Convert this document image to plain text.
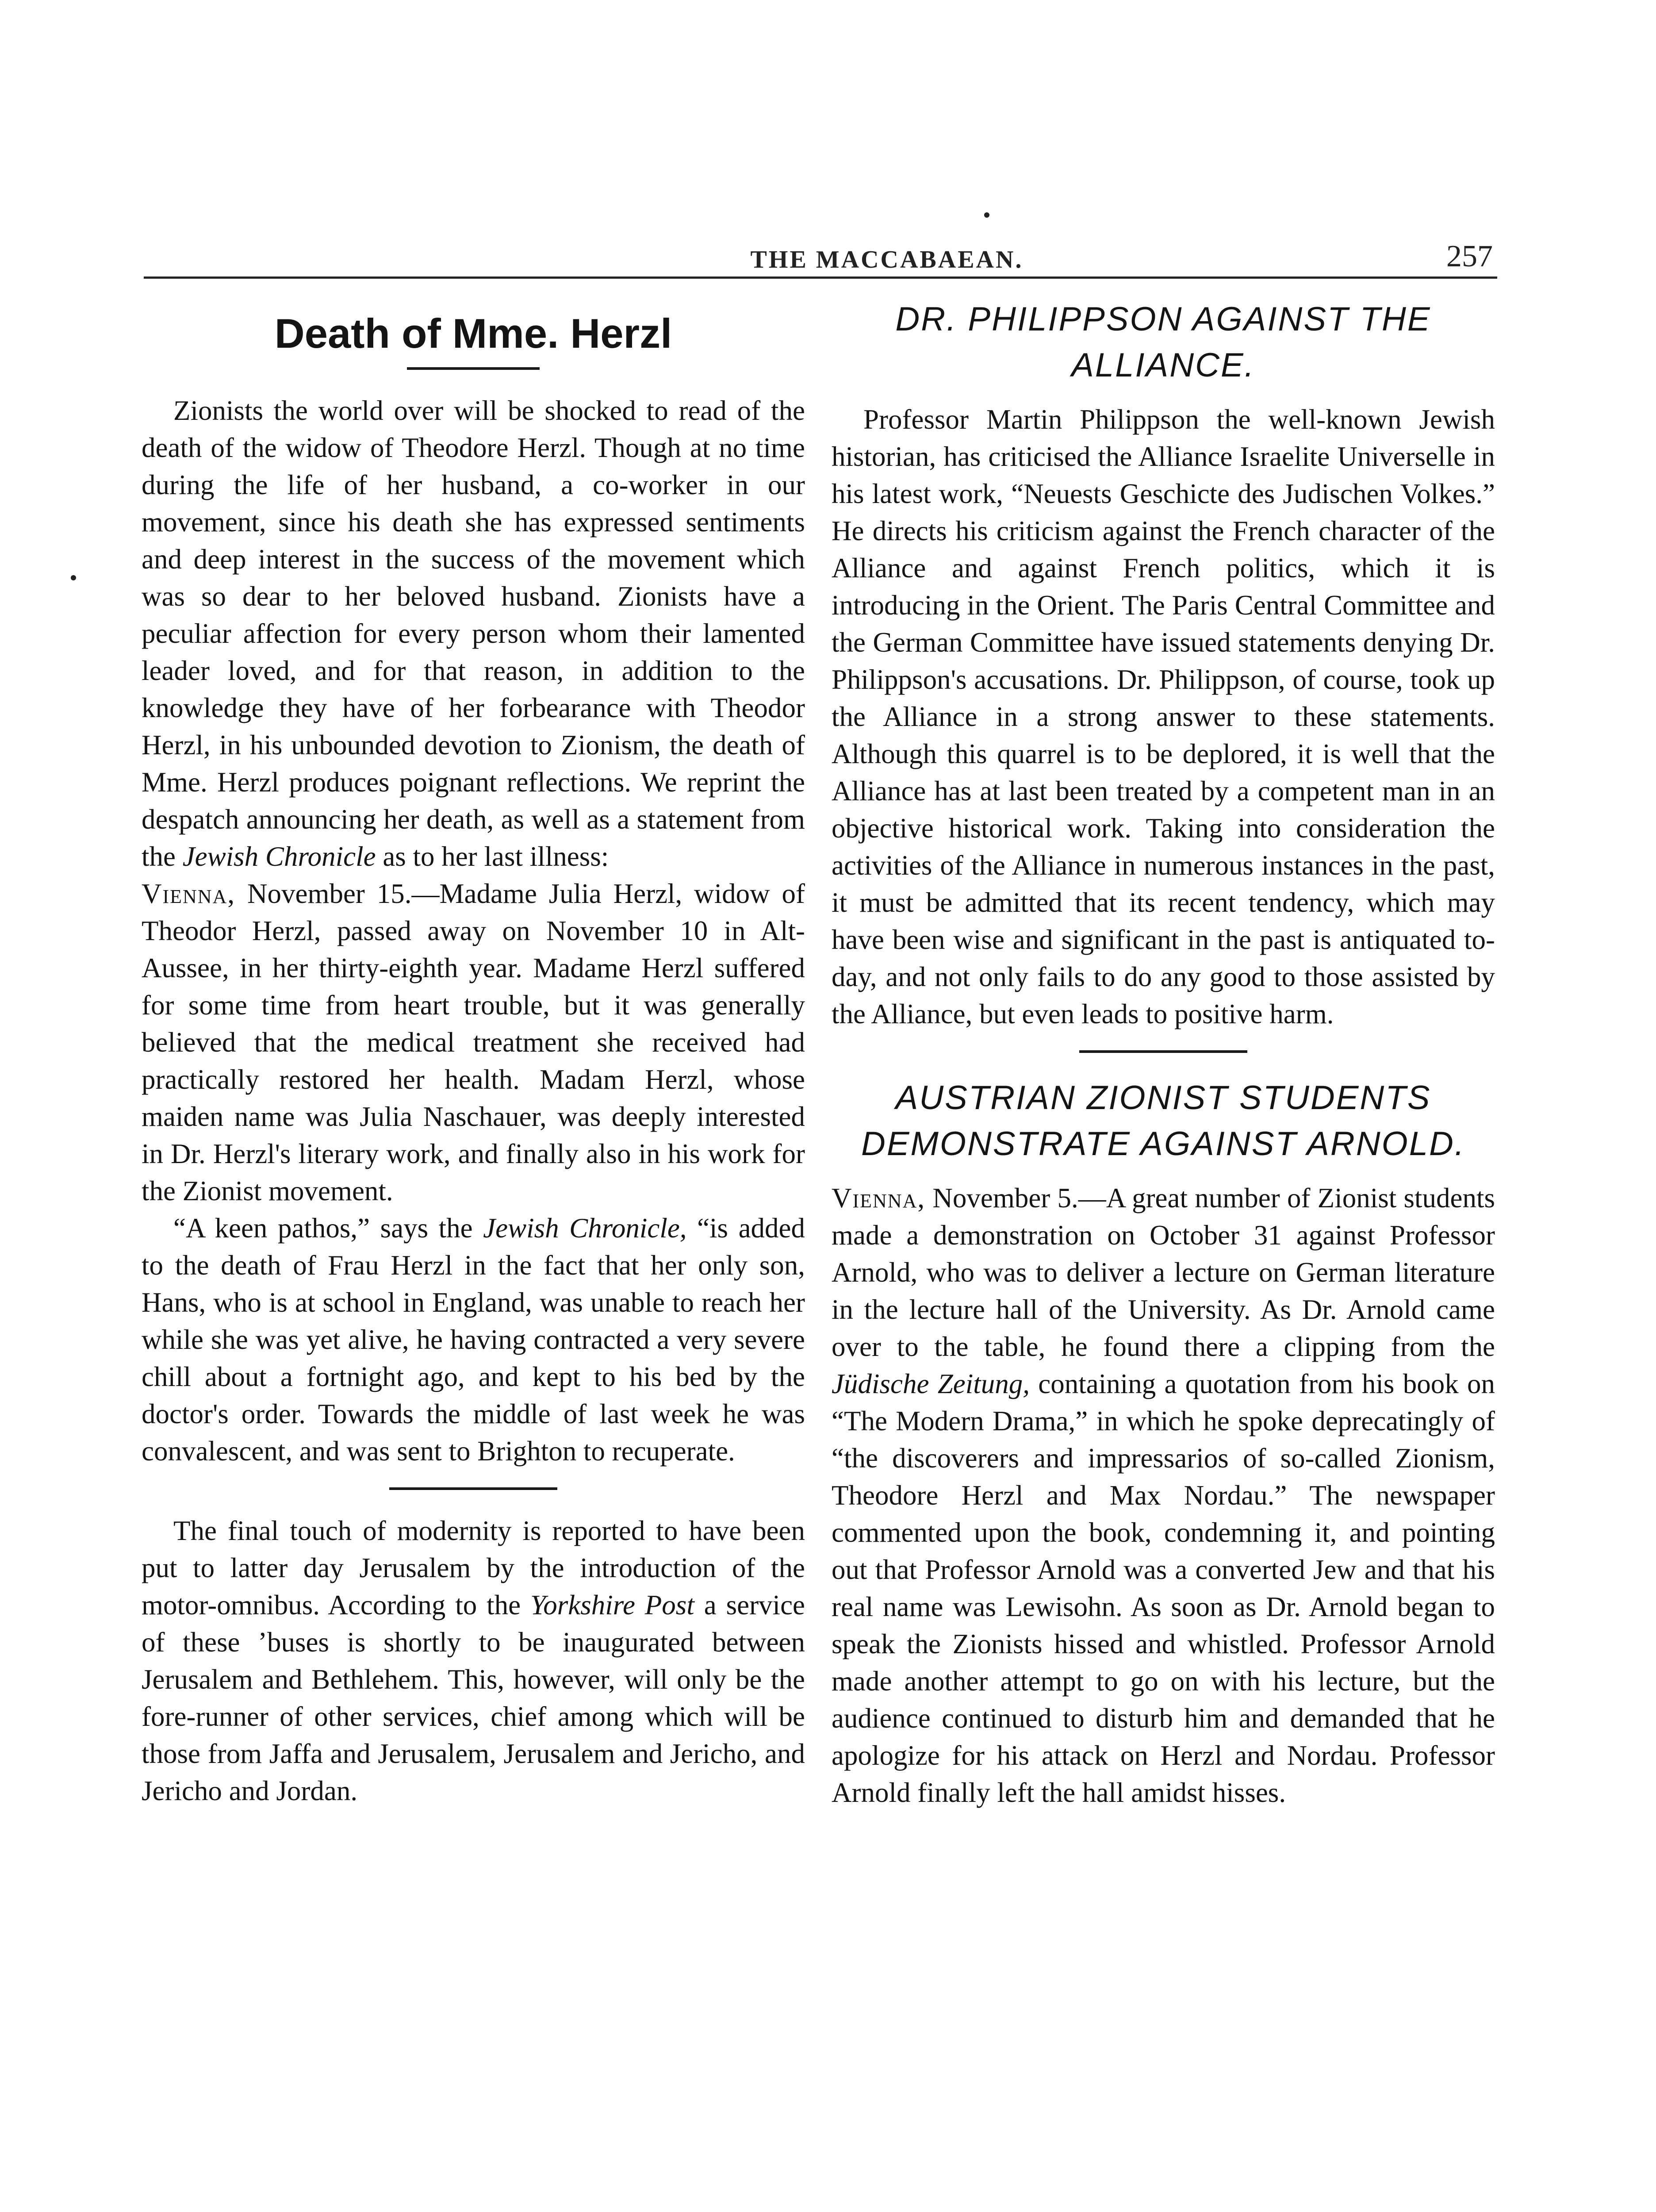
THE MACCABAEAN.	257
Death of Mme. Herzl

Zionists the world over will be shocked to read of the death of the widow of Theodore Herzl. Though at no time during the life of her husband, a co-worker in our movement, since his death she has expressed sentiments and deep interest in the success of the movement which was so dear to her beloved husband. Zionists have a peculiar affection for every person whom their lamented leader loved, and for that reason, in addition to the knowledge they have of her forbearance with Theodor Herzl, in his unbounded devotion to Zionism, the death of Mme. Herzl produces poignant reflections. We reprint the despatch announcing her death, as well as a statement from the Jewish Chronicle as to her last illness:

Vienna, November 15.—Madame Julia Herzl, widow of Theodor Herzl, passed away on November 10 in Alt-Aussee, in her thirty-eighth year. Madame Herzl suffered for some time from heart trouble, but it was generally believed that the medical treatment she received had practically restored her health. Madam Herzl, whose maiden name was Julia Naschauer, was deeply interested in Dr. Herzl's literary work, and finally also in his work for the Zionist movement.

“A keen pathos,” says the Jewish Chronicle, “is added to the death of Frau Herzl in the fact that her only son, Hans, who is at school in England, was unable to reach her while she was yet alive, he having contracted a very severe chill about a fortnight ago, and kept to his bed by the doctor's order. Towards the middle of last week he was convalescent, and was sent to Brighton to recuperate.

The final touch of modernity is reported to have been put to latter day Jerusalem by the introduction of the motor-omnibus. According to the Yorkshire Post a service of these ’buses is shortly to be inaugurated between Jerusalem and Bethlehem. This, however, will only be the fore-runner of other services, chief among which will be those from Jaffa and Jerusalem, Jerusalem and Jericho, and Jericho and Jordan.

DR. PHILIPPSON AGAINST THE ALLIANCE.

Professor Martin Philippson the well-known Jewish historian, has criticised the Alliance Israelite Universelle in his latest work, “Neuests Geschicte des Judischen Volkes.” He directs his criticism against the French character of the Alliance and against French politics, which it is introducing in the Orient. The Paris Central Committee and the German Committee have issued statements denying Dr. Philippson's accusations. Dr. Philippson, of course, took up the Alliance in a strong answer to these statements. Although this quarrel is to be deplored, it is well that the Alliance has at last been treated by a competent man in an objective historical work. Taking into consideration the activities of the Alliance in numerous instances in the past, it must be admitted that its recent tendency, which may have been wise and significant in the past is antiquated to-day, and not only fails to do any good to those assisted by the Alliance, but even leads to positive harm.

AUSTRIAN ZIONIST STUDENTS DEMONSTRATE AGAINST ARNOLD.

Vienna, November 5.—A great number of Zionist students made a demonstration on October 31 against Professor Arnold, who was to deliver a lecture on German literature in the lecture hall of the University. As Dr. Arnold came over to the table, he found there a clipping from the Jüdische Zeitung, containing a quotation from his book on “The Modern Drama,” in which he spoke deprecatingly of “the discoverers and impressarios of so-called Zionism, Theodore Herzl and Max Nordau.” The newspaper commented upon the book, condemning it, and pointing out that Professor Arnold was a converted Jew and that his real name was Lewisohn. As soon as Dr. Arnold began to speak the Zionists hissed and whistled. Professor Arnold made another attempt to go on with his lecture, but the audience continued to disturb him and demanded that he apologize for his attack on Herzl and Nordau. Professor Arnold finally left the hall amidst hisses.
